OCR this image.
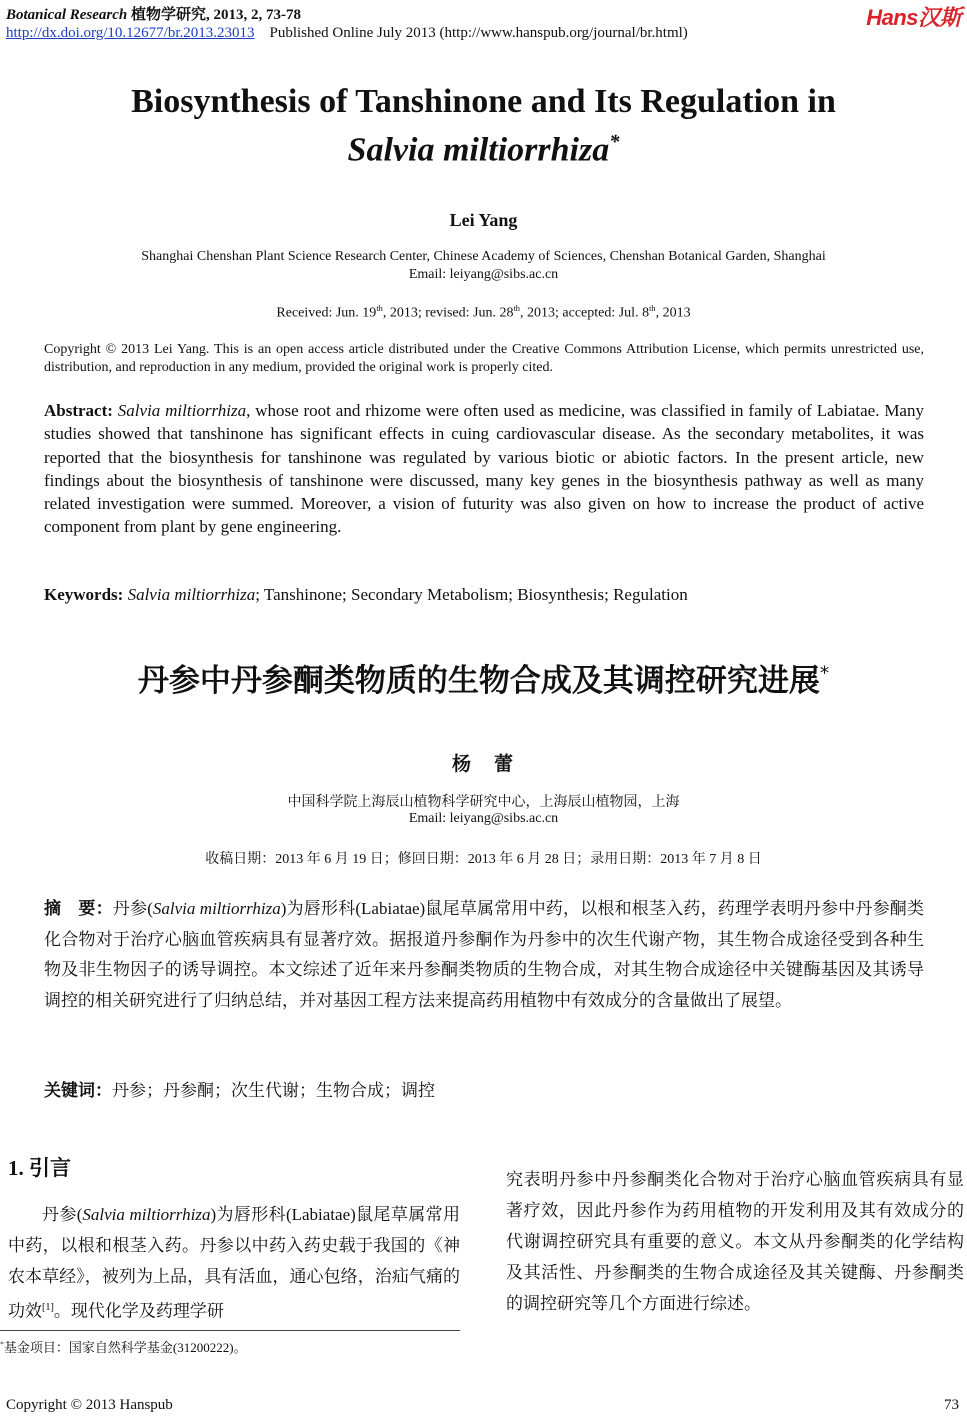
Botanical Research 植物学研究, 2013, 2, 73-78	Hans汉斯
http://dx.doi.org/10.12677/br.2013.23013 Published Online July 2013 (http://www.hanspub.org/journal/br.html)
Biosynthesis of Tanshinone and Its Regulation in
Salvia miltiorrhiza*
Lei Yang
Shanghai Chenshan Plant Science Research Center, Chinese Academy of Sciences, Chenshan Botanical Garden, Shanghai
Email: leiyang@sibs.ac.cn
Received: Jun. 19th, 2013; revised: Jun. 28th, 2013; accepted: Jul. 8th, 2013
Copyright © 2013 Lei Yang. This is an open access article distributed under the Creative Commons Attribution License, which permits unrestricted use, distribution, and reproduction in any medium, provided the original work is properly cited.
Abstract: Salvia miltiorrhiza, whose root and rhizome were often used as medicine, was classified in family of Labiatae. Many studies showed that tanshinone has significant effects in cuing cardiovascular disease. As the secondary metabolites, it was reported that the biosynthesis for tanshinone was regulated by various biotic or abiotic factors. In the present article, new findings about the biosynthesis of tanshinone were discussed, many key genes in the biosynthesis pathway as well as many related investigation were summed. Moreover, a vision of futurity was also given on how to increase the product of active component from plant by gene engineering.
Keywords: Salvia miltiorrhiza; Tanshinone; Secondary Metabolism; Biosynthesis; Regulation
丹参中丹参酮类物质的生物合成及其调控研究进展*
杨　蕾
中国科学院上海辰山植物科学研究中心，上海辰山植物园，上海
Email: leiyang@sibs.ac.cn
收稿日期：2013 年 6 月 19 日；修回日期：2013 年 6 月 28 日；录用日期：2013 年 7 月 8 日
摘　要：丹参(Salvia miltiorrhiza)为唇形科(Labiatae)鼠尾草属常用中药，以根和根茎入药，药理学表明丹参中丹参酮类化合物对于治疗心脑血管疾病具有显著疗效。据报道丹参酮作为丹参中的次生代谢产物，其生物合成途径受到各种生物及非生物因子的诱导调控。本文综述了近年来丹参酮类物质的生物合成，对其生物合成途径中关键酶基因及其诱导调控的相关研究进行了归纳总结，并对基因工程方法来提高药用植物中有效成分的含量做出了展望。
关键词：丹参；丹参酮；次生代谢；生物合成；调控
1. 引言
丹参(Salvia miltiorrhiza)为唇形科(Labiatae)鼠尾草属常用中药，以根和根茎入药。丹参以中药入药史载于我国的《神农本草经》，被列为上品，具有活血，通心包络，治疝气痛的功效[1]。现代化学及药理学研
究表明丹参中丹参酮类化合物对于治疗心脑血管疾病具有显著疗效，因此丹参作为药用植物的开发利用及其有效成分的代谢调控研究具有重要的意义。本文从丹参酮类的化学结构及其活性、丹参酮类的生物合成途径及其关键酶、丹参酮类的调控研究等几个方面进行综述。
*基金项目：国家自然科学基金(31200222)。
Copyright © 2013 Hanspub	73
